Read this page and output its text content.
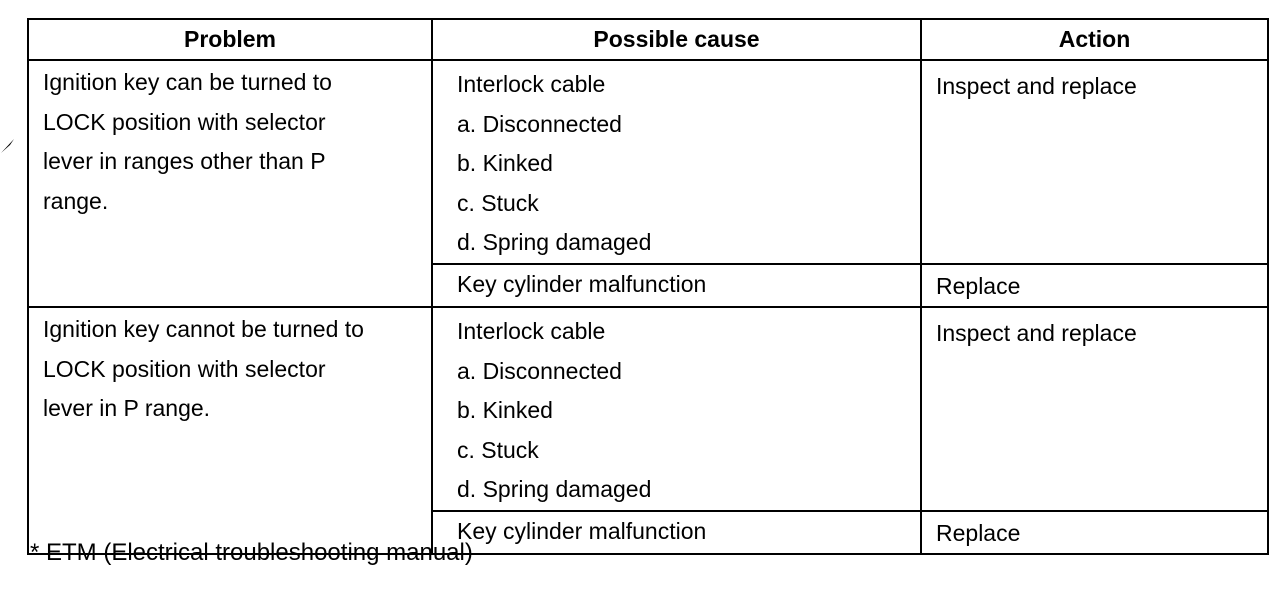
Problem	Possible cause	Action

Ignition key can be turned to
LOCK position with selector
lever in ranges other than P
range.	Interlock cable
a. Disconnected
b. Kinked
c. Stuck
d. Spring damaged	Inspect and replace
	Key cylinder malfunction	Replace

Ignition key cannot be turned to
LOCK position with selector
lever in P range.	Interlock cable
a. Disconnected
b. Kinked
c. Stuck
d. Spring damaged	Inspect and replace
	Key cylinder malfunction	Replace
* ETM (Electrical troubleshooting manual)
